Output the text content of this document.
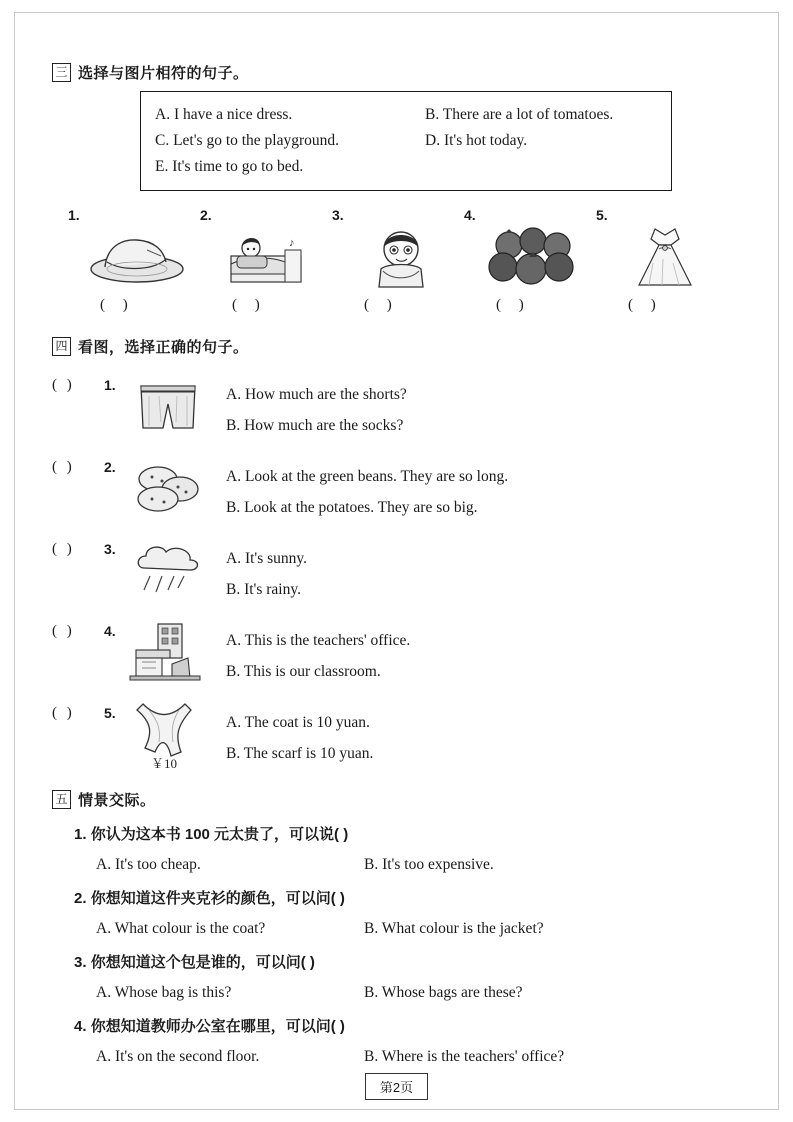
三 选择与图片相符的句子。
A. I have a nice dress.	B. There are a lot of tomatoes.
C. Let's go to the playground.	D. It's hot today.
E. It's time to go to bed.
1.
( )
2.
♪
( )
3.
( )
4.
( )
5.
( )
四 看图，选择正确的句子。
( )	1.
A. How much are the shorts?
B. How much are the socks?
( )	2.
A. Look at the green beans. They are so long.
B. Look at the potatoes. They are so big.
( )	3.
A. It's sunny.
B. It's rainy.
( )	4.
A. This is the teachers' office.
B. This is our classroom.
( )	5.
￥10
A. The coat is 10 yuan.
B. The scarf is 10 yuan.
五 情景交际。
1. 你认为这本书 100 元太贵了，可以说( )
A. It's too cheap.	B. It's too expensive.
2. 你想知道这件夹克衫的颜色，可以问( )
A. What colour is the coat?	B. What colour is the jacket?
3. 你想知道这个包是谁的，可以问( )
A. Whose bag is this?	B. Whose bags are these?
4. 你想知道教师办公室在哪里，可以问( )
A. It's on the second floor.	B. Where is the teachers' office?
第2页
